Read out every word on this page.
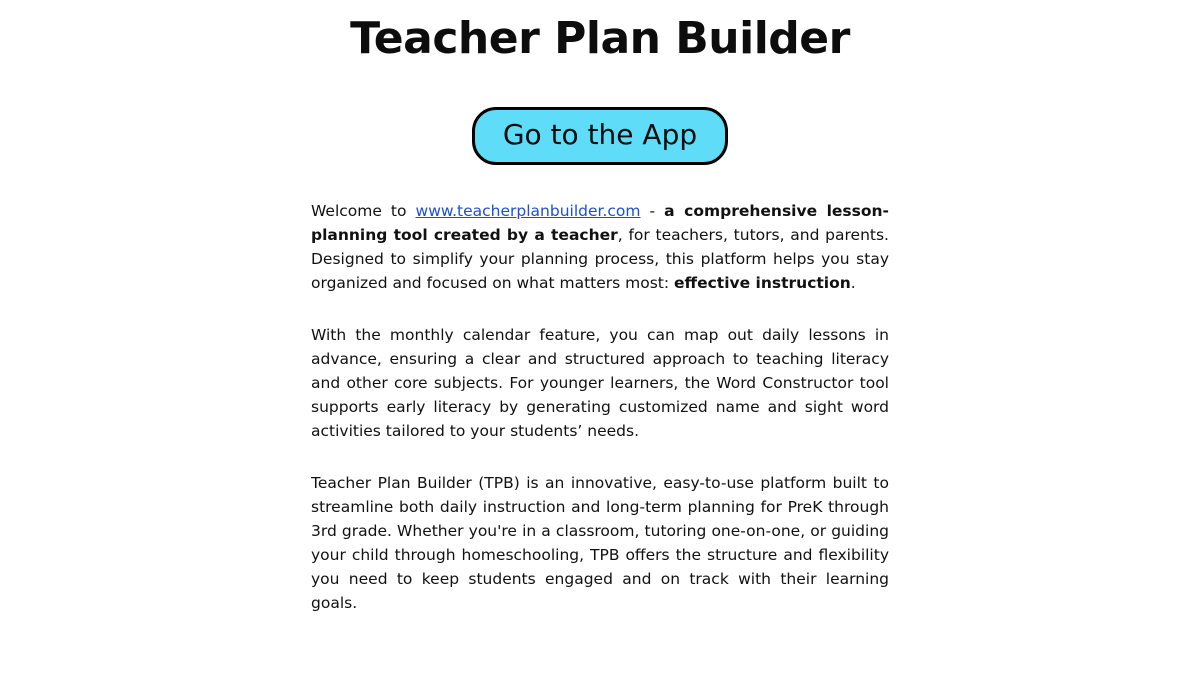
Teacher Plan Builder
Go to the App

Welcome to www.teacherplanbuilder.com - a comprehensive lesson-planning tool created by a teacher, for teachers, tutors, and parents. Designed to simplify your planning process, this platform helps you stay organized and focused on what matters most: effective instruction.

With the monthly calendar feature, you can map out daily lessons in advance, ensuring a clear and structured approach to teaching literacy and other core subjects. For younger learners, the Word Constructor tool supports early literacy by generating customized name and sight word activities tailored to your students’ needs.

Teacher Plan Builder (TPB) is an innovative, easy-to-use platform built to streamline both daily instruction and long-term planning for PreK through 3rd grade. Whether you're in a classroom, tutoring one-on-one, or guiding your child through homeschooling, TPB offers the structure and flexibility you need to keep students engaged and on track with their learning goals.
